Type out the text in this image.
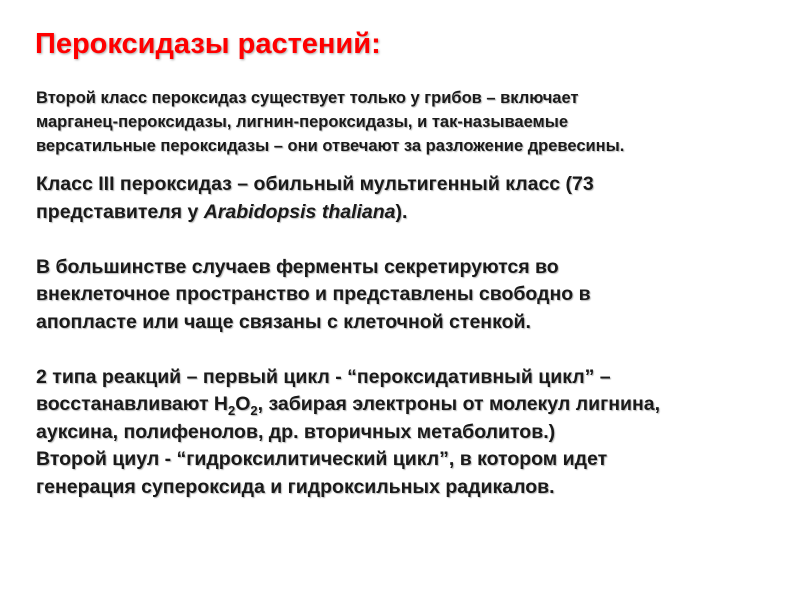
Пероксидазы растений:

Второй класс пероксидаз существует только у грибов – включает
марганец-пероксидазы, лигнин-пероксидазы, и так-называемые
версатильные пероксидазы – они отвечают за разложение древесины.

Класс III пероксидаз – обильный мультигенный класс (73
представителя у Arabidopsis thaliana).
В большинстве случаев ферменты секретируются во
внеклеточное пространство и представлены свободно в
апопласте или чаще связаны с клеточной стенкой.
2 типа реакций – первый цикл - “пероксидативный цикл” –
восстанавливают $H_2O_2$, забирая электроны от молекул лигнина,
ауксина, полифенолов, др. вторичных метаболитов.)
Второй циул - “гидроксилитический цикл”, в котором идет
генерация супероксида и гидроксильных радикалов.
